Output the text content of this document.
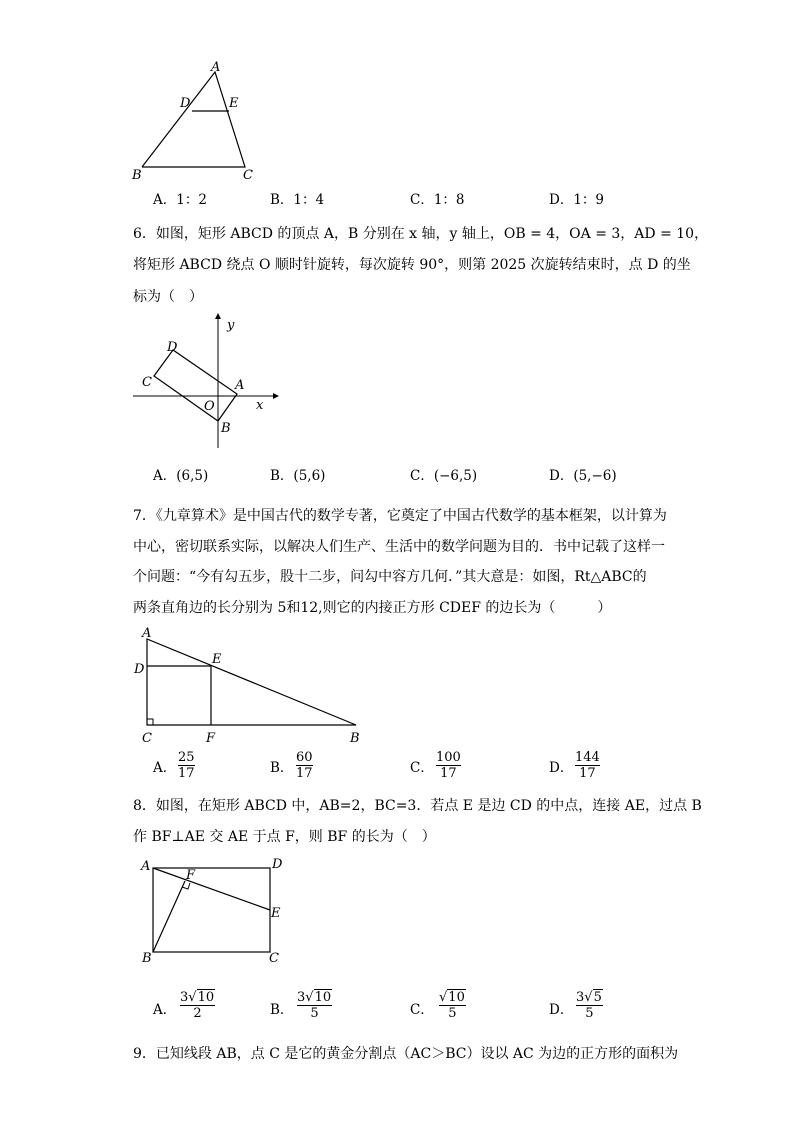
A
D	E
B	C
A．1：2	B．1：4	C．1：8	D．1：9
6．如图，矩形 ABCD 的顶点 A，B 分别在 x 轴，y 轴上，OB = 4，OA = 3，AD = 10，
将矩形 ABCD 绕点 O 顺时针旋转，每次旋转 90°，则第 2025 次旋转结束时，点 D 的坐
标为（　）
y
x
D
C	A
O
B
A．(6,5)	B．(5,6)	C．(−6,5)	D．(5,−6)
7．《九章算术》是中国古代的数学专著，它奠定了中国古代数学的基本框架，以计算为
中心，密切联系实际，以解决人们生产、生活中的数学问题为目的．书中记载了这样一
个问题：“今有勾五步，股十二步，问勾中容方几何．”其大意是：如图，Rt△ABC的
两条直角边的长分别为 5和12,则它的内接正方形 CDEF 的边长为（　　　）
A
D
E
C	F	B
A．
25
17	B．
60
17	C．
100
17	D．
144
17
8．如图，在矩形 ABCD 中，AB=2，BC=3．若点 E 是边 CD 的中点，连接 AE，过点 B
作 BF⊥AE 交 AE 于点 F，则 BF 的长为（　）
A
F
D
E
B	C
A．
3√10
2	B．
3√10
5	C．
√10
5	D．
3√5
5
9．已知线段 AB，点 C 是它的黄金分割点（AC＞BC）设以 AC 为边的正方形的面积为
